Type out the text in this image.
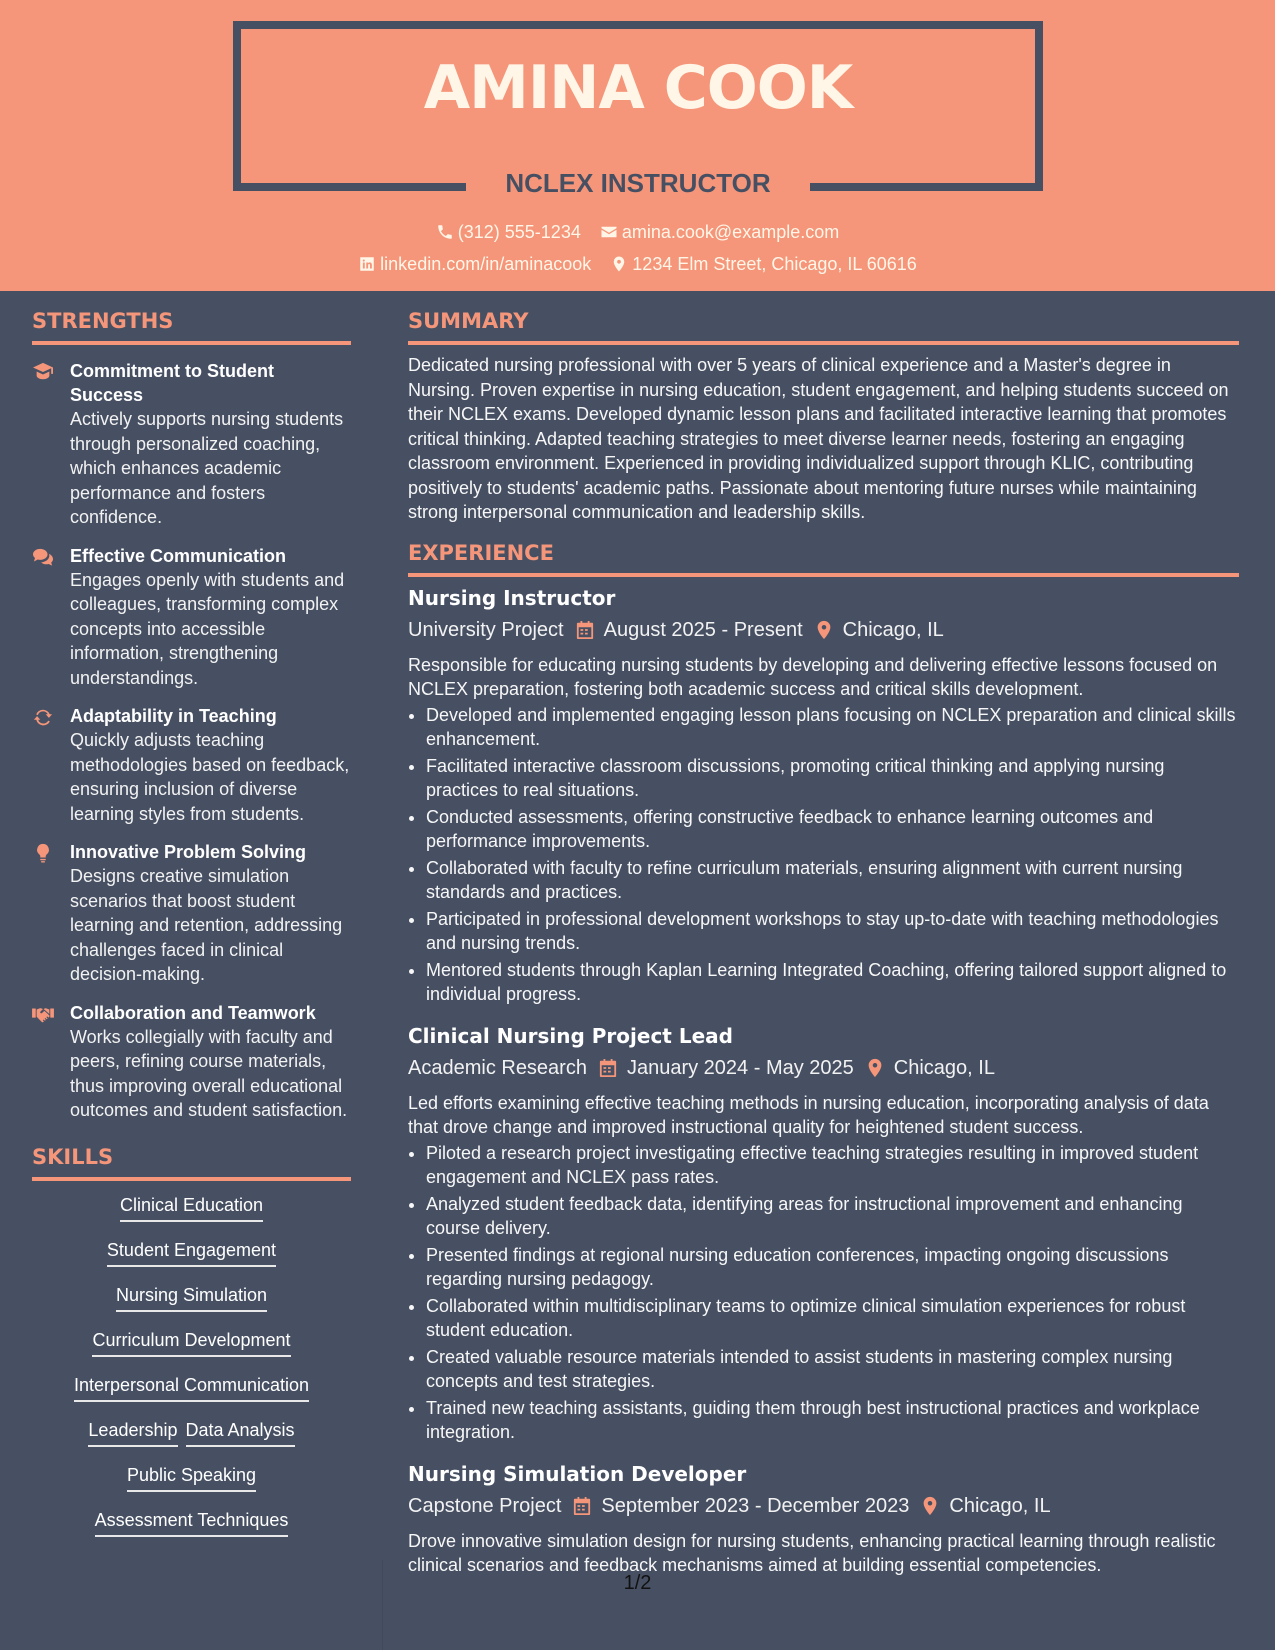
AMINA COOK
NCLEX INSTRUCTOR
(312) 555-1234
amina.cook@example.com
linkedin.com/in/aminacook
1234 Elm Street, Chicago, IL 60616
STRENGTHS
Commitment to Student Success
Actively supports nursing students through personalized coaching, which enhances academic performance and fosters confidence.
Effective Communication
Engages openly with students and colleagues, transforming complex concepts into accessible information, strengthening understandings.
Adaptability in Teaching
Quickly adjusts teaching methodologies based on feedback, ensuring inclusion of diverse learning styles from students.
Innovative Problem Solving
Designs creative simulation scenarios that boost student learning and retention, addressing challenges faced in clinical decision-making.
Collaboration and Teamwork
Works collegially with faculty and peers, refining course materials, thus improving overall educational outcomes and student satisfaction.
SKILLS
Clinical Education
Student Engagement
Nursing Simulation
Curriculum Development
Interpersonal Communication
Leadership Data Analysis
Public Speaking
Assessment Techniques
SUMMARY
Dedicated nursing professional with over 5 years of clinical experience and a Master's degree in Nursing. Proven expertise in nursing education, student engagement, and helping students succeed on their NCLEX exams. Developed dynamic lesson plans and facilitated interactive learning that promotes critical thinking. Adapted teaching strategies to meet diverse learner needs, fostering an engaging classroom environment. Experienced in providing individualized support through KLIC, contributing positively to students' academic paths. Passionate about mentoring future nurses while maintaining strong interpersonal communication and leadership skills.
EXPERIENCE
Nursing Instructor
University Project August 2025 - Present Chicago, IL
Responsible for educating nursing students by developing and delivering effective lessons focused on NCLEX preparation, fostering both academic success and critical skills development.
• Developed and implemented engaging lesson plans focusing on NCLEX preparation and clinical skills enhancement.
• Facilitated interactive classroom discussions, promoting critical thinking and applying nursing practices to real situations.
• Conducted assessments, offering constructive feedback to enhance learning outcomes and performance improvements.
• Collaborated with faculty to refine curriculum materials, ensuring alignment with current nursing standards and practices.
• Participated in professional development workshops to stay up-to-date with teaching methodologies and nursing trends.
• Mentored students through Kaplan Learning Integrated Coaching, offering tailored support aligned to individual progress.
Clinical Nursing Project Lead
Academic Research January 2024 - May 2025 Chicago, IL
Led efforts examining effective teaching methods in nursing education, incorporating analysis of data that drove change and improved instructional quality for heightened student success.
• Piloted a research project investigating effective teaching strategies resulting in improved student engagement and NCLEX pass rates.
• Analyzed student feedback data, identifying areas for instructional improvement and enhancing course delivery.
• Presented findings at regional nursing education conferences, impacting ongoing discussions regarding nursing pedagogy.
• Collaborated within multidisciplinary teams to optimize clinical simulation experiences for robust student education.
• Created valuable resource materials intended to assist students in mastering complex nursing concepts and test strategies.
• Trained new teaching assistants, guiding them through best instructional practices and workplace integration.
Nursing Simulation Developer
Capstone Project September 2023 - December 2023 Chicago, IL
Drove innovative simulation design for nursing students, enhancing practical learning through realistic clinical scenarios and feedback mechanisms aimed at building essential competencies.
1/2
